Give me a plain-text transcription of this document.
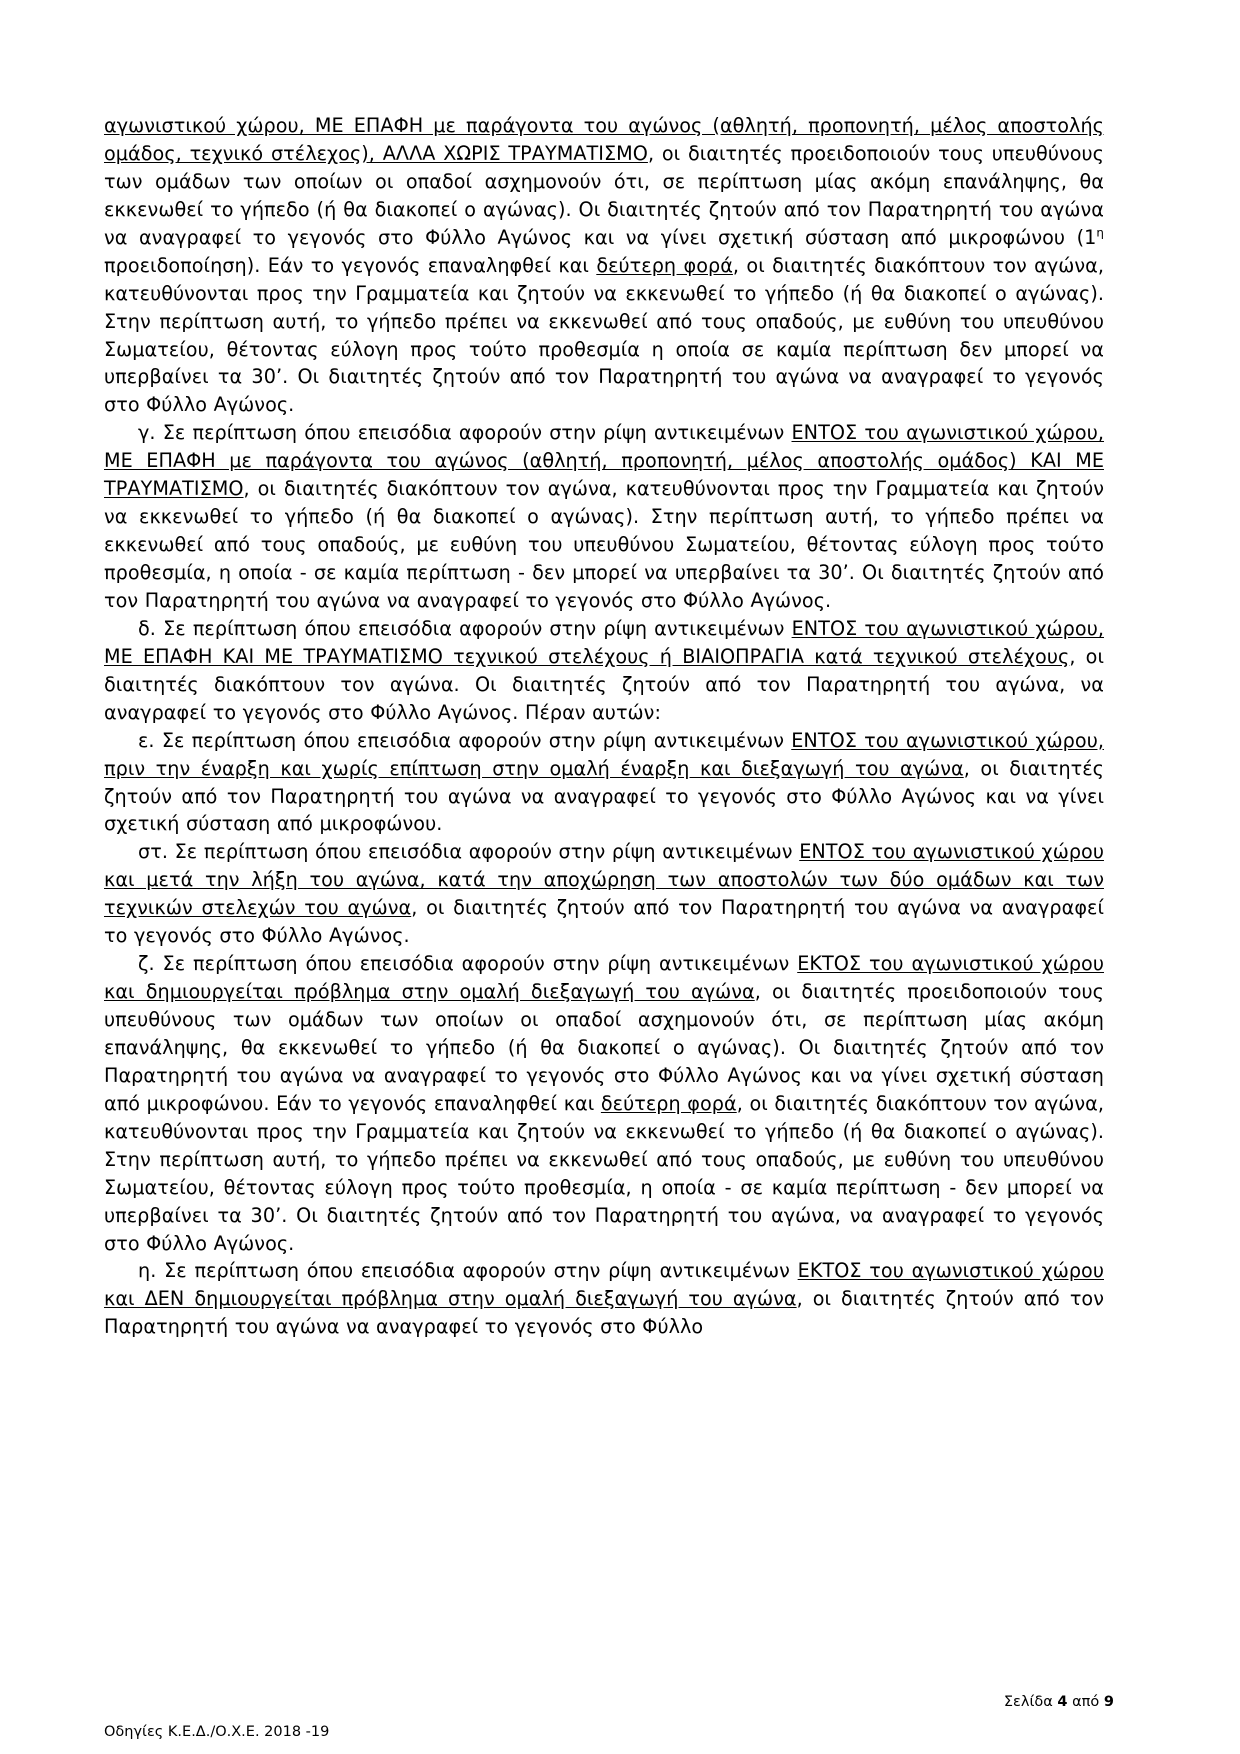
αγωνιστικού χώρου, ΜΕ ΕΠΑΦΗ με παράγοντα του αγώνος (αθλητή, προπονητή, μέλος αποστολής ομάδος, τεχνικό στέλεχος), ΑΛΛΑ ΧΩΡΙΣ ΤΡΑΥΜΑΤΙΣΜΟ, οι διαιτητές προειδοποιούν τους υπευθύνους των ομάδων των οποίων οι οπαδοί ασχημονούν ότι, σε περίπτωση μίας ακόμη επανάληψης, θα εκκενωθεί το γήπεδο (ή θα διακοπεί ο αγώνας). Οι διαιτητές ζητούν από τον Παρατηρητή του αγώνα να αναγραφεί το γεγονός στο Φύλλο Αγώνος και να γίνει σχετική σύσταση από μικροφώνου ($1^\eta$ προειδοποίηση). Εάν το γεγονός επαναληφθεί και δεύτερη φορά, οι διαιτητές διακόπτουν τον αγώνα, κατευθύνονται προς την Γραμματεία και ζητούν να εκκενωθεί το γήπεδο (ή θα διακοπεί ο αγώνας). Στην περίπτωση αυτή, το γήπεδο πρέπει να εκκενωθεί από τους οπαδούς, με ευθύνη του υπευθύνου Σωματείου, θέτοντας εύλογη προς τούτο προθεσμία η οποία σε καμία περίπτωση δεν μπορεί να υπερβαίνει τα 30’. Οι διαιτητές ζητούν από τον Παρατηρητή του αγώνα να αναγραφεί το γεγονός στο Φύλλο Αγώνος.
γ. Σε περίπτωση όπου επεισόδια αφορούν στην ρίψη αντικειμένων ΕΝΤΟΣ του αγωνιστικού χώρου, ΜΕ ΕΠΑΦΗ με παράγοντα του αγώνος (αθλητή, προπονητή, μέλος αποστολής ομάδος) ΚΑΙ ΜΕ ΤΡΑΥΜΑΤΙΣΜΟ, οι διαιτητές διακόπτουν τον αγώνα, κατευθύνονται προς την Γραμματεία και ζητούν να εκκενωθεί το γήπεδο (ή θα διακοπεί ο αγώνας). Στην περίπτωση αυτή, το γήπεδο πρέπει να εκκενωθεί από τους οπαδούς, με ευθύνη του υπευθύνου Σωματείου, θέτοντας εύλογη προς τούτο προθεσμία, η οποία - σε καμία περίπτωση - δεν μπορεί να υπερβαίνει τα 30’. Οι διαιτητές ζητούν από τον Παρατηρητή του αγώνα να αναγραφεί το γεγονός στο Φύλλο Αγώνος.
δ. Σε περίπτωση όπου επεισόδια αφορούν στην ρίψη αντικειμένων ΕΝΤΟΣ του αγωνιστικού χώρου, ΜΕ ΕΠΑΦΗ ΚΑΙ ΜΕ ΤΡΑΥΜΑΤΙΣΜΟ τεχνικού στελέχους ή ΒΙΑΙΟΠΡΑΓΙΑ κατά τεχνικού στελέχους, οι διαιτητές διακόπτουν τον αγώνα. Οι διαιτητές ζητούν από τον Παρατηρητή του αγώνα, να αναγραφεί το γεγονός στο Φύλλο Αγώνος. Πέραν αυτών:
ε. Σε περίπτωση όπου επεισόδια αφορούν στην ρίψη αντικειμένων ΕΝΤΟΣ του αγωνιστικού χώρου, πριν την έναρξη και χωρίς επίπτωση στην ομαλή έναρξη και διεξαγωγή του αγώνα, οι διαιτητές ζητούν από τον Παρατηρητή του αγώνα να αναγραφεί το γεγονός στο Φύλλο Αγώνος και να γίνει σχετική σύσταση από μικροφώνου.
στ. Σε περίπτωση όπου επεισόδια αφορούν στην ρίψη αντικειμένων ΕΝΤΟΣ του αγωνιστικού χώρου και μετά την λήξη του αγώνα, κατά την αποχώρηση των αποστολών των δύο ομάδων και των τεχνικών στελεχών του αγώνα, οι διαιτητές ζητούν από τον Παρατηρητή του αγώνα να αναγραφεί το γεγονός στο Φύλλο Αγώνος.
ζ. Σε περίπτωση όπου επεισόδια αφορούν στην ρίψη αντικειμένων ΕΚΤΟΣ του αγωνιστικού χώρου και δημιουργείται πρόβλημα στην ομαλή διεξαγωγή του αγώνα, οι διαιτητές προειδοποιούν τους υπευθύνους των ομάδων των οποίων οι οπαδοί ασχημονούν ότι, σε περίπτωση μίας ακόμη επανάληψης, θα εκκενωθεί το γήπεδο (ή θα διακοπεί ο αγώνας). Οι διαιτητές ζητούν από τον Παρατηρητή του αγώνα να αναγραφεί το γεγονός στο Φύλλο Αγώνος και να γίνει σχετική σύσταση από μικροφώνου. Εάν το γεγονός επαναληφθεί και δεύτερη φορά, οι διαιτητές διακόπτουν τον αγώνα, κατευθύνονται προς την Γραμματεία και ζητούν να εκκενωθεί το γήπεδο (ή θα διακοπεί ο αγώνας). Στην περίπτωση αυτή, το γήπεδο πρέπει να εκκενωθεί από τους οπαδούς, με ευθύνη του υπευθύνου Σωματείου, θέτοντας εύλογη προς τούτο προθεσμία, η οποία - σε καμία περίπτωση - δεν μπορεί να υπερβαίνει τα 30’. Οι διαιτητές ζητούν από τον Παρατηρητή του αγώνα, να αναγραφεί το γεγονός στο Φύλλο Αγώνος.
η. Σε περίπτωση όπου επεισόδια αφορούν στην ρίψη αντικειμένων ΕΚΤΟΣ του αγωνιστικού χώρου και ΔΕΝ δημιουργείται πρόβλημα στην ομαλή διεξαγωγή του αγώνα, οι διαιτητές ζητούν από τον Παρατηρητή του αγώνα να αναγραφεί το γεγονός στο Φύλλο
Οδηγίες Κ.Ε.Δ./Ο.Χ.Ε. 2018 -19
Σελίδα 4 από 9
